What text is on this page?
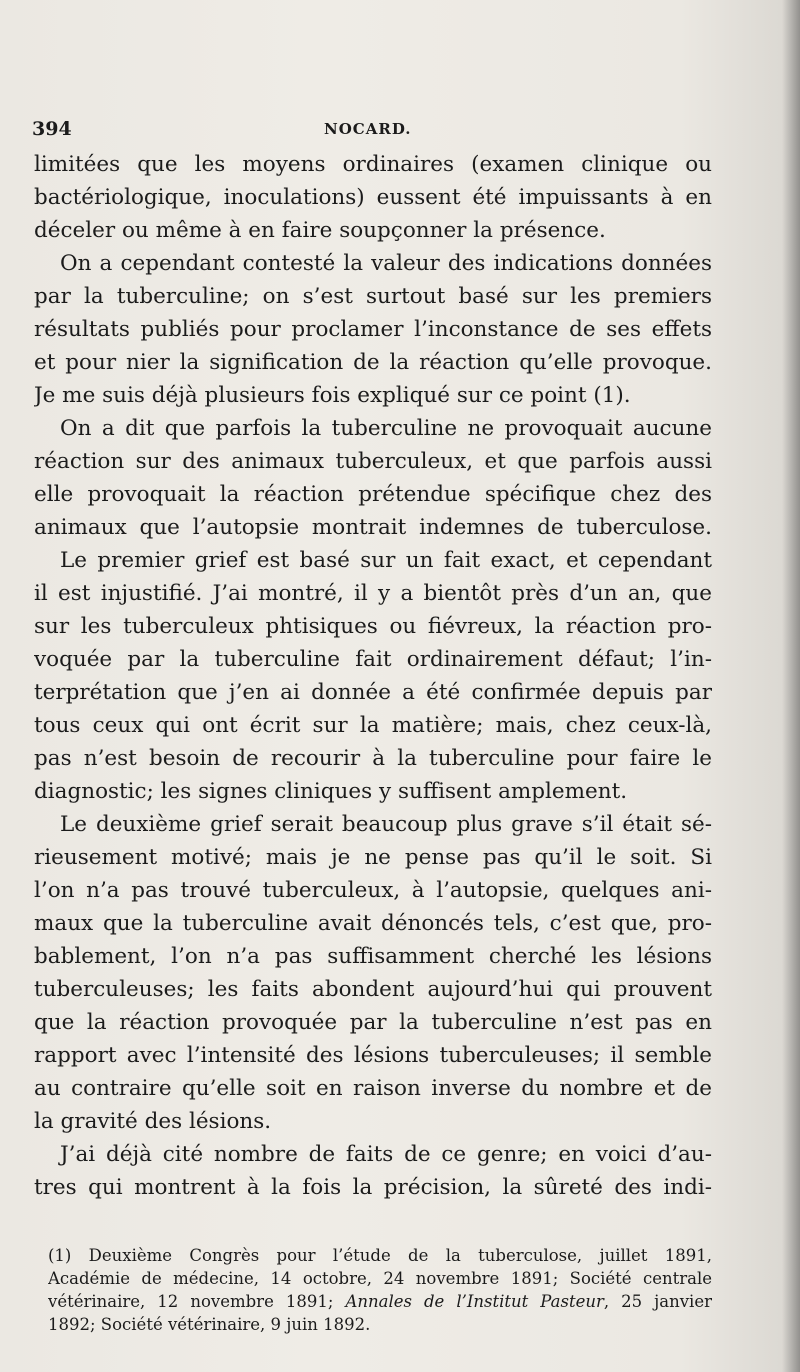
394	NOCARD.
limitées que les moyens ordinaires (examen clinique ou
bactériologique, inoculations) eussent été impuissants à en
déceler ou même à en faire soupçonner la présence.
On a cependant contesté la valeur des indications données
par la tuberculine; on s’est surtout basé sur les premiers
résultats publiés pour proclamer l’inconstance de ses effets
et pour nier la signification de la réaction qu’elle provoque.
Je me suis déjà plusieurs fois expliqué sur ce point (1).
On a dit que parfois la tuberculine ne provoquait aucune
réaction sur des animaux tuberculeux, et que parfois aussi
elle provoquait la réaction prétendue spécifique chez des
animaux que l’autopsie montrait indemnes de tuberculose.
Le premier grief est basé sur un fait exact, et cependant
il est injustifié. J’ai montré, il y a bientôt près d’un an, que
sur les tuberculeux phtisiques ou fiévreux, la réaction pro-
voquée par la tuberculine fait ordinairement défaut; l’in-
terprétation que j’en ai donnée a été confirmée depuis par
tous ceux qui ont écrit sur la matière; mais, chez ceux-là,
pas n’est besoin de recourir à la tuberculine pour faire le
diagnostic; les signes cliniques y suffisent amplement.
Le deuxième grief serait beaucoup plus grave s’il était sé-
rieusement motivé; mais je ne pense pas qu’il le soit. Si
l’on n’a pas trouvé tuberculeux, à l’autopsie, quelques ani-
maux que la tuberculine avait dénoncés tels, c’est que, pro-
bablement, l’on n’a pas suffisamment cherché les lésions
tuberculeuses; les faits abondent aujourd’hui qui prouvent
que la réaction provoquée par la tuberculine n’est pas en
rapport avec l’intensité des lésions tuberculeuses; il semble
au contraire qu’elle soit en raison inverse du nombre et de
la gravité des lésions.
J’ai déjà cité nombre de faits de ce genre; en voici d’au-
tres qui montrent à la fois la précision, la sûreté des indi-
(1) Deuxième Congrès pour l’étude de la tuberculose, juillet 1891,
Académie de médecine, 14 octobre, 24 novembre 1891; Société centrale
vétérinaire, 12 novembre 1891; Annales de l’Institut Pasteur, 25 janvier
1892; Société vétérinaire, 9 juin 1892.
